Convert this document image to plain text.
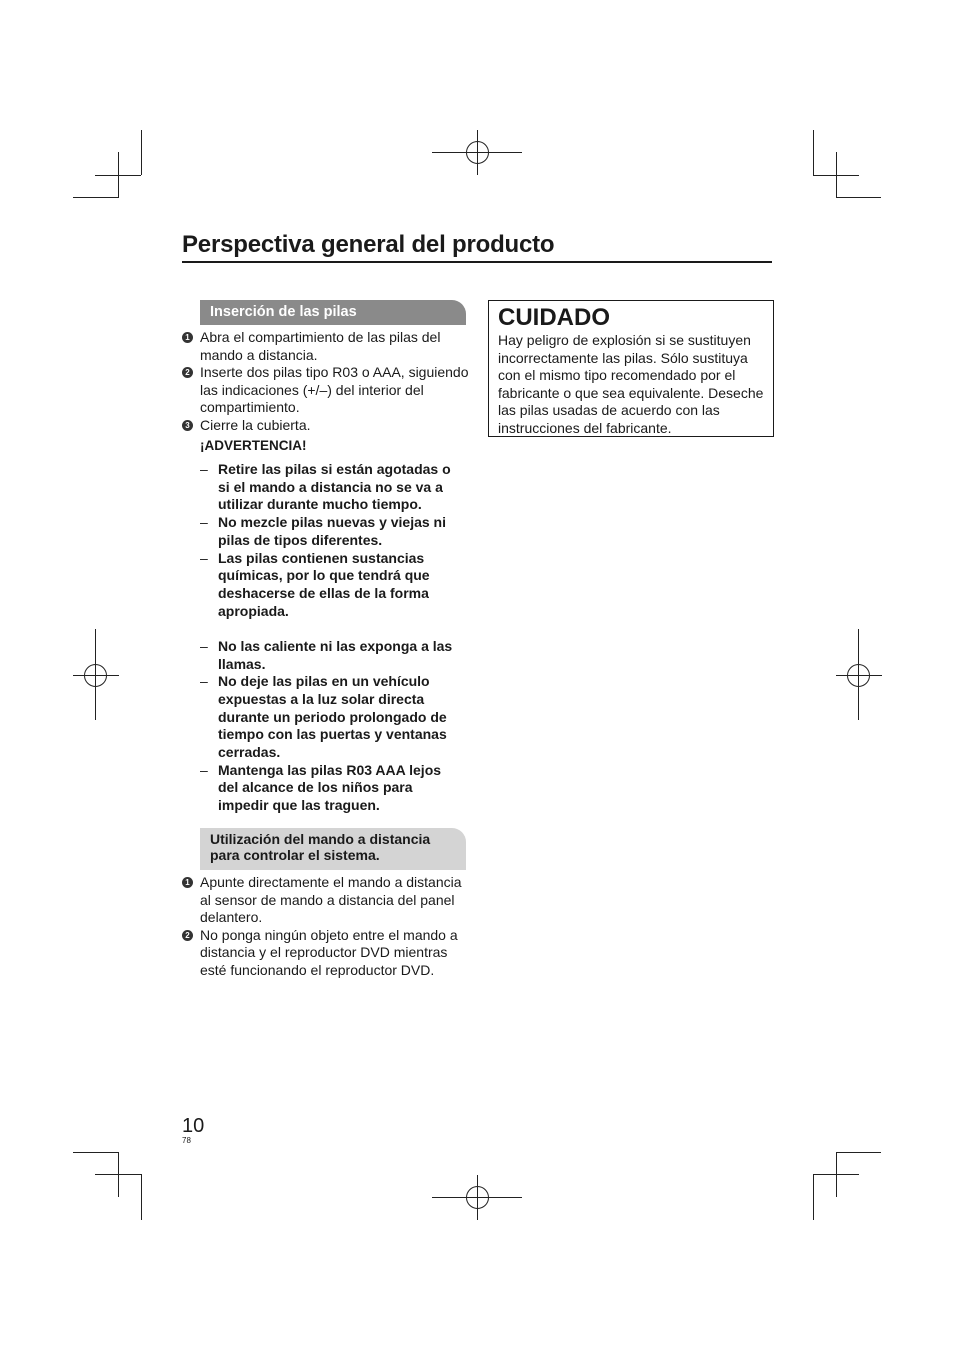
Perspectiva general del producto
Inserción de las pilas
1 Abra el compartimiento de las pilas del mando a distancia.
2 Inserte dos pilas tipo R03 o AAA, siguiendo las indicaciones (+/–) del interior del compartimiento.
3 Cierre la cubierta.
¡ADVERTENCIA!
– Retire las pilas si están agotadas o si el mando a distancia no se va a utilizar durante mucho tiempo.
– No mezcle pilas nuevas y viejas ni pilas de tipos diferentes.
– Las pilas contienen sustancias químicas, por lo que tendrá que deshacerse de ellas de la forma apropiada.
– No las caliente ni las exponga a las llamas.
– No deje las pilas en un vehículo expuestas a la luz solar directa durante un periodo prolongado de tiempo con las puertas y ventanas cerradas.
– Mantenga las pilas R03 AAA lejos del alcance de los niños para impedir que las traguen.
Utilización del mando a distancia
para controlar el sistema.
1 Apunte directamente el mando a distancia al sensor de mando a distancia del panel delantero.
2 No ponga ningún objeto entre el mando a distancia y el reproductor DVD mientras esté funcionando el reproductor DVD.
CUIDADO
Hay peligro de explosión si se sustituyen incorrectamente las pilas. Sólo sustituya con el mismo tipo recomendado por el fabricante o que sea equivalente. Deseche las pilas usadas de acuerdo con las instrucciones del fabricante.
10
78
